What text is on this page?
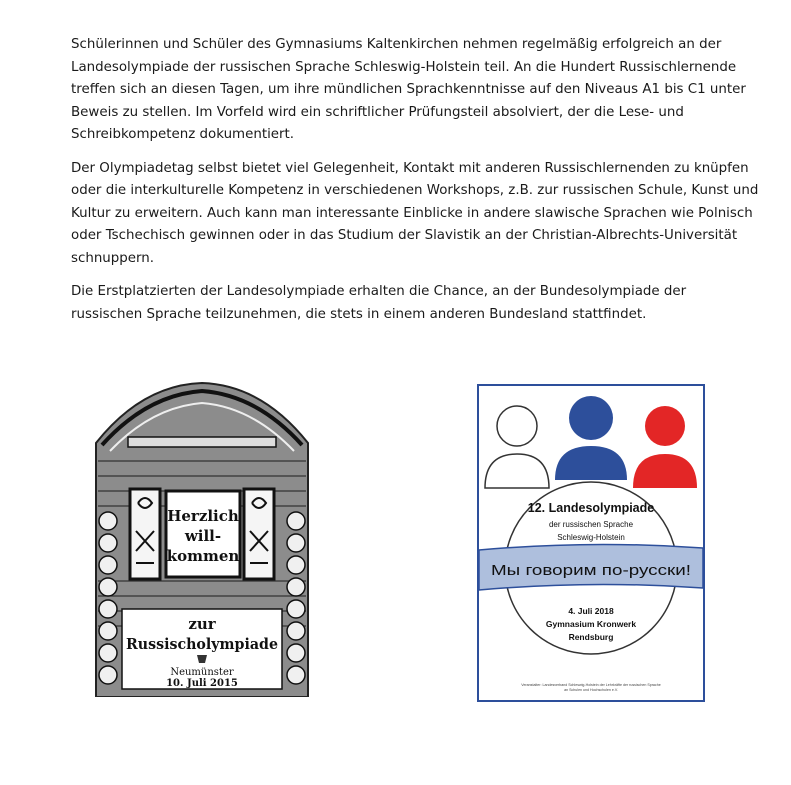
Schülerinnen und Schüler des Gymnasiums Kaltenkirchen nehmen regelmäßig erfolgreich an der Landesolympiade der russischen Sprache Schleswig-Holstein teil. An die Hundert Russischlernende treffen sich an diesen Tagen, um ihre mündlichen Sprachkenntnisse auf den Niveaus A1 bis C1 unter Beweis zu stellen. Im Vorfeld wird ein schriftlicher Prüfungsteil absolviert, der die Lese- und Schreibkompetenz dokumentiert.

Der Olympiadetag selbst bietet viel Gelegenheit, Kontakt mit anderen Russischlernenden zu knüpfen oder die interkulturelle Kompetenz in verschiedenen Workshops, z.B. zur russischen Schule, Kunst und Kultur zu erweitern. Auch kann man interessante Einblicke in andere slawische Sprachen wie Polnisch oder Tschechisch gewinnen oder in das Studium der Slavistik an der Christian-Albrechts-Universität schnuppern.

Die Erstplatzierten der Landesolympiade erhalten die Chance, an der Bundesolympiade der russischen Sprache teilzunehmen, die stets in einem anderen Bundesland stattfindet.

Herzlich
will-
kommen
zur
Russischolympiade
Neumünster
10. Juli 2015
12. Landesolympiade
der russischen Sprache
Schleswig-Holstein
Мы говорим по-русски!
4. Juli 2018
Gymnasium Kronwerk
Rendsburg
Veranstalter: Landesverband Schleswig-Holstein der Lehrkräfte der russischen Sprache
an Schulen und Hochschulen e.V.
